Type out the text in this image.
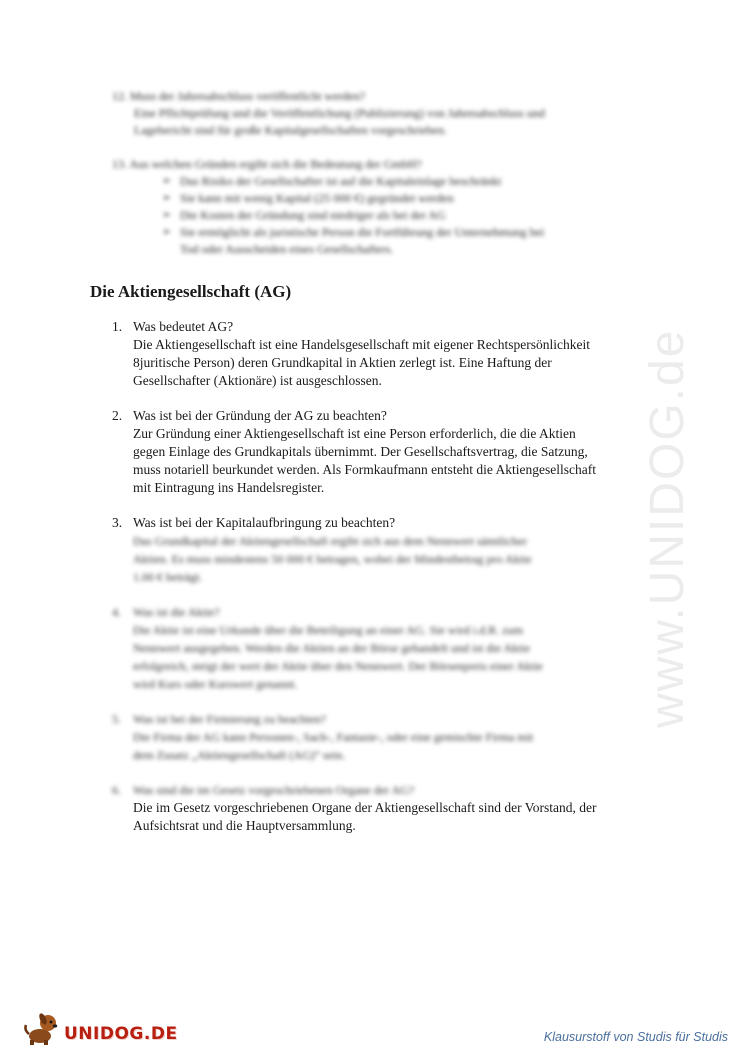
12. Muss der Jahresabschluss veröffentlicht werden?
Eine Pflichtprüfung und die Veröffentlichung (Publizierung) von Jahresabschluss und
Lagebericht sind für große Kapitalgesellschaften vorgeschrieben.
13. Aus welchen Gründen ergibt sich die Bedeutung der GmbH?
➢ Das Risiko der Gesellschafter ist auf die Kapitaleinlage beschränkt
➢ Sie kann mit wenig Kapital (25 000 €) gegründet werden
➢ Die Kosten der Gründung sind niedriger als bei der AG
➢ Sie ermöglicht als juristische Person die Fortführung der Unternehmung bei
Tod oder Ausscheiden eines Gesellschafters.
Die Aktiengesellschaft (AG)
1. Was bedeutet AG?
Die Aktiengesellschaft ist eine Handelsgesellschaft mit eigener Rechtspersönlichkeit
8juritische Person) deren Grundkapital in Aktien zerlegt ist. Eine Haftung der
Gesellschafter (Aktionäre) ist ausgeschlossen.
2. Was ist bei der Gründung der AG zu beachten?
Zur Gründung einer Aktiengesellschaft ist eine Person erforderlich, die die Aktien
gegen Einlage des Grundkapitals übernimmt. Der Gesellschaftsvertrag, die Satzung,
muss notariell beurkundet werden. Als Formkaufmann entsteht die Aktiengesellschaft
mit Eintragung ins Handelsregister.
3. Was ist bei der Kapitalaufbringung zu beachten?
Das Grundkapital der Aktiengesellschaft ergibt sich aus dem Nennwert sämtlicher
Aktien. Es muss mindestens 50 000 € betragen, wobei der Mindestbetrag pro Aktie
1.00 € beträgt.
4.	Was ist die Aktie?
Die Aktie ist eine Urkunde über die Beteiligung an einer AG. Sie wird i.d.R. zum
Nennwert ausgegeben. Werden die Aktien an der Börse gehandelt und ist die Aktie
erfolgreich, steigt der wert der Aktie über den Nennwert. Der Börsenpreis einer Aktie
wird Kurs oder Kurswert genannt.
5.	Was ist bei der Firmierung zu beachten?
Die Firma der AG kann Personen-, Sach-, Fantasie-, oder eine gemischte Firma mit
dem Zusatz „Aktiengesellschaft (AG)“ sein.
6.	Was sind die im Gesetz vorgeschriebenen Organe der AG?
Die im Gesetz vorgeschriebenen Organe der Aktiengesellschaft sind der Vorstand, der
Aufsichtsrat und die Hauptversammlung.
www.UNIDOG.de
UNIDOG.DE	Klausurstoff von Studis für Studis
